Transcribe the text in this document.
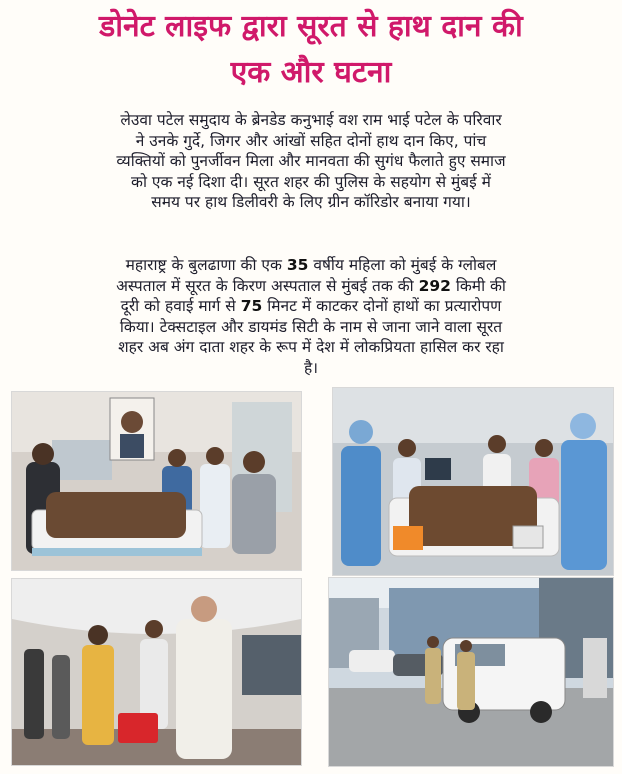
डोनेट लाइफ द्वारा सूरत से हाथ दान की
एक और घटना
लेउवा पटेल समुदाय के ब्रेनडेड कनुभाई वश राम भाई पटेल के परिवार
ने उनके गुर्दे, जिगर और आंखों सहित दोनों हाथ दान किए, पांच
व्यक्तियों को पुनर्जीवन मिला और मानवता की सुगंध फैलाते हुए समाज
को एक नई दिशा दी। सूरत शहर की पुलिस के सहयोग से मुंबई में
समय पर हाथ डिलीवरी के लिए ग्रीन कॉरिडोर बनाया गया।
महाराष्ट्र के बुलढाणा की एक 35 वर्षीय महिला को मुंबई के ग्लोबल
अस्पताल में सूरत के किरण अस्पताल से मुंबई तक की 292 किमी की
दूरी को हवाई मार्ग से 75 मिनट में काटकर दोनों हाथों का प्रत्यारोपण
किया। टेक्सटाइल और डायमंड सिटी के नाम से जाना जाने वाला सूरत
शहर अब अंग दाता शहर के रूप में देश में लोकप्रियता हासिल कर रहा
है।
